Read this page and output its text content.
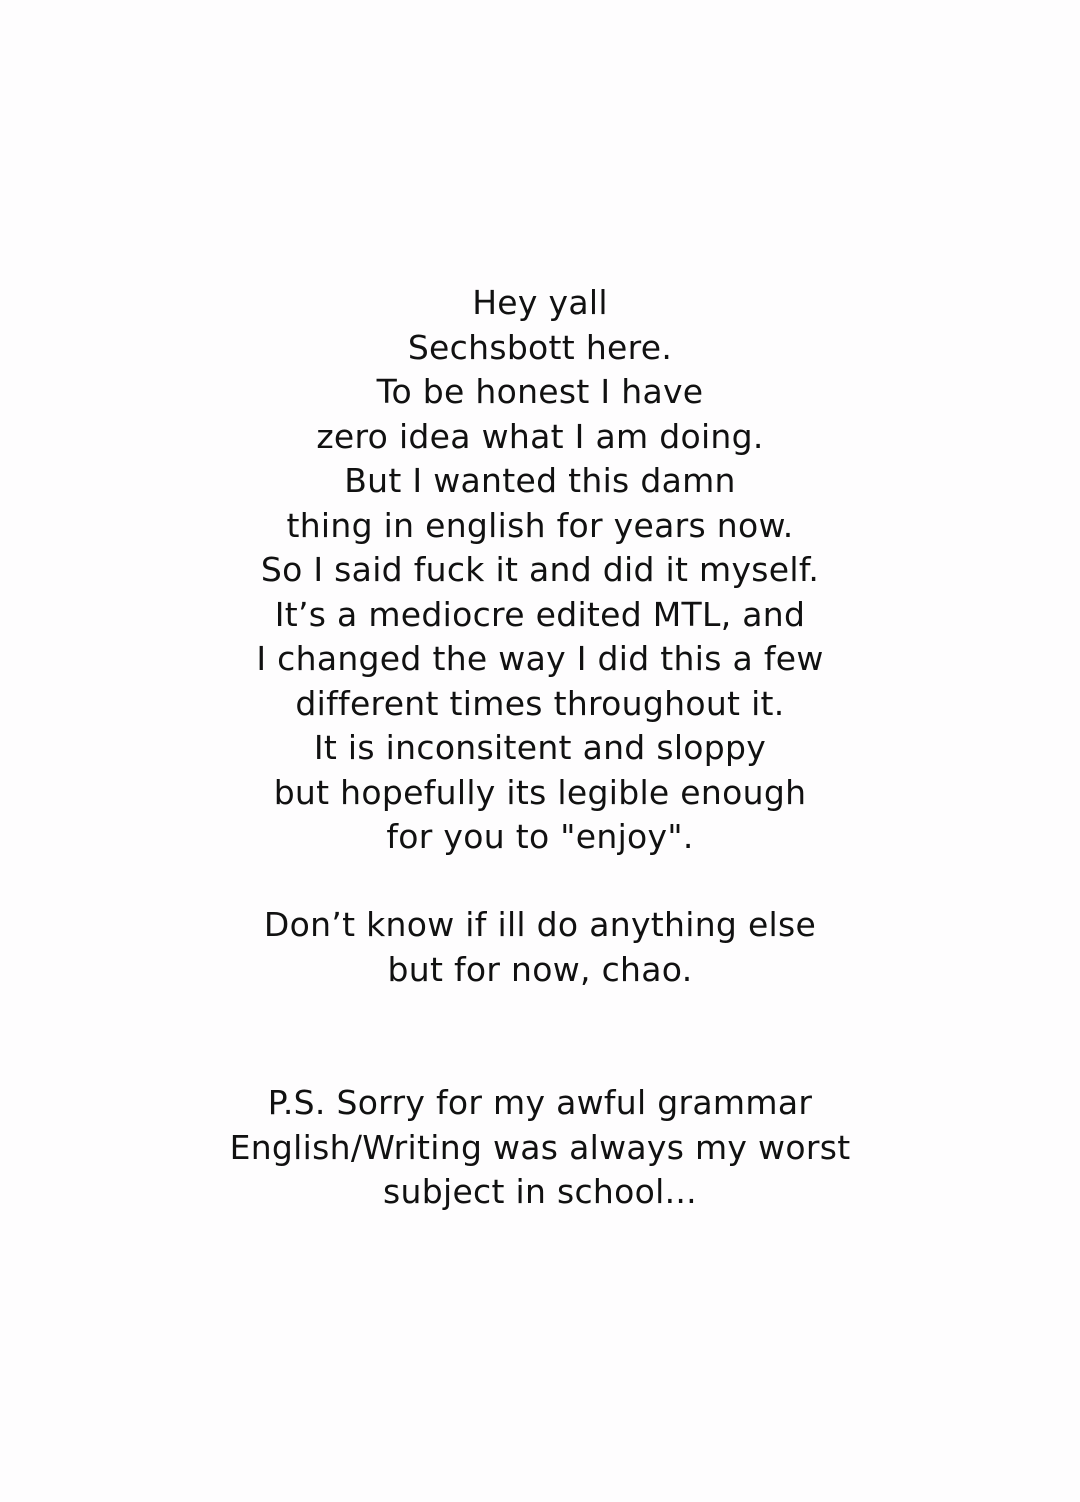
Hey yall
Sechsbott here.
To be honest I have
zero idea what I am doing.
But I wanted this damn
thing in english for years now.
So I said fuck it and did it myself.
It’s a mediocre edited MTL, and
I changed the way I did this a few
different times throughout it.
It is inconsitent and sloppy
but hopefully its legible enough
for you to "enjoy".
Don’t know if ill do anything else
but for now, chao.
P.S. Sorry for my awful grammar
English/Writing was always my worst
subject in school...
